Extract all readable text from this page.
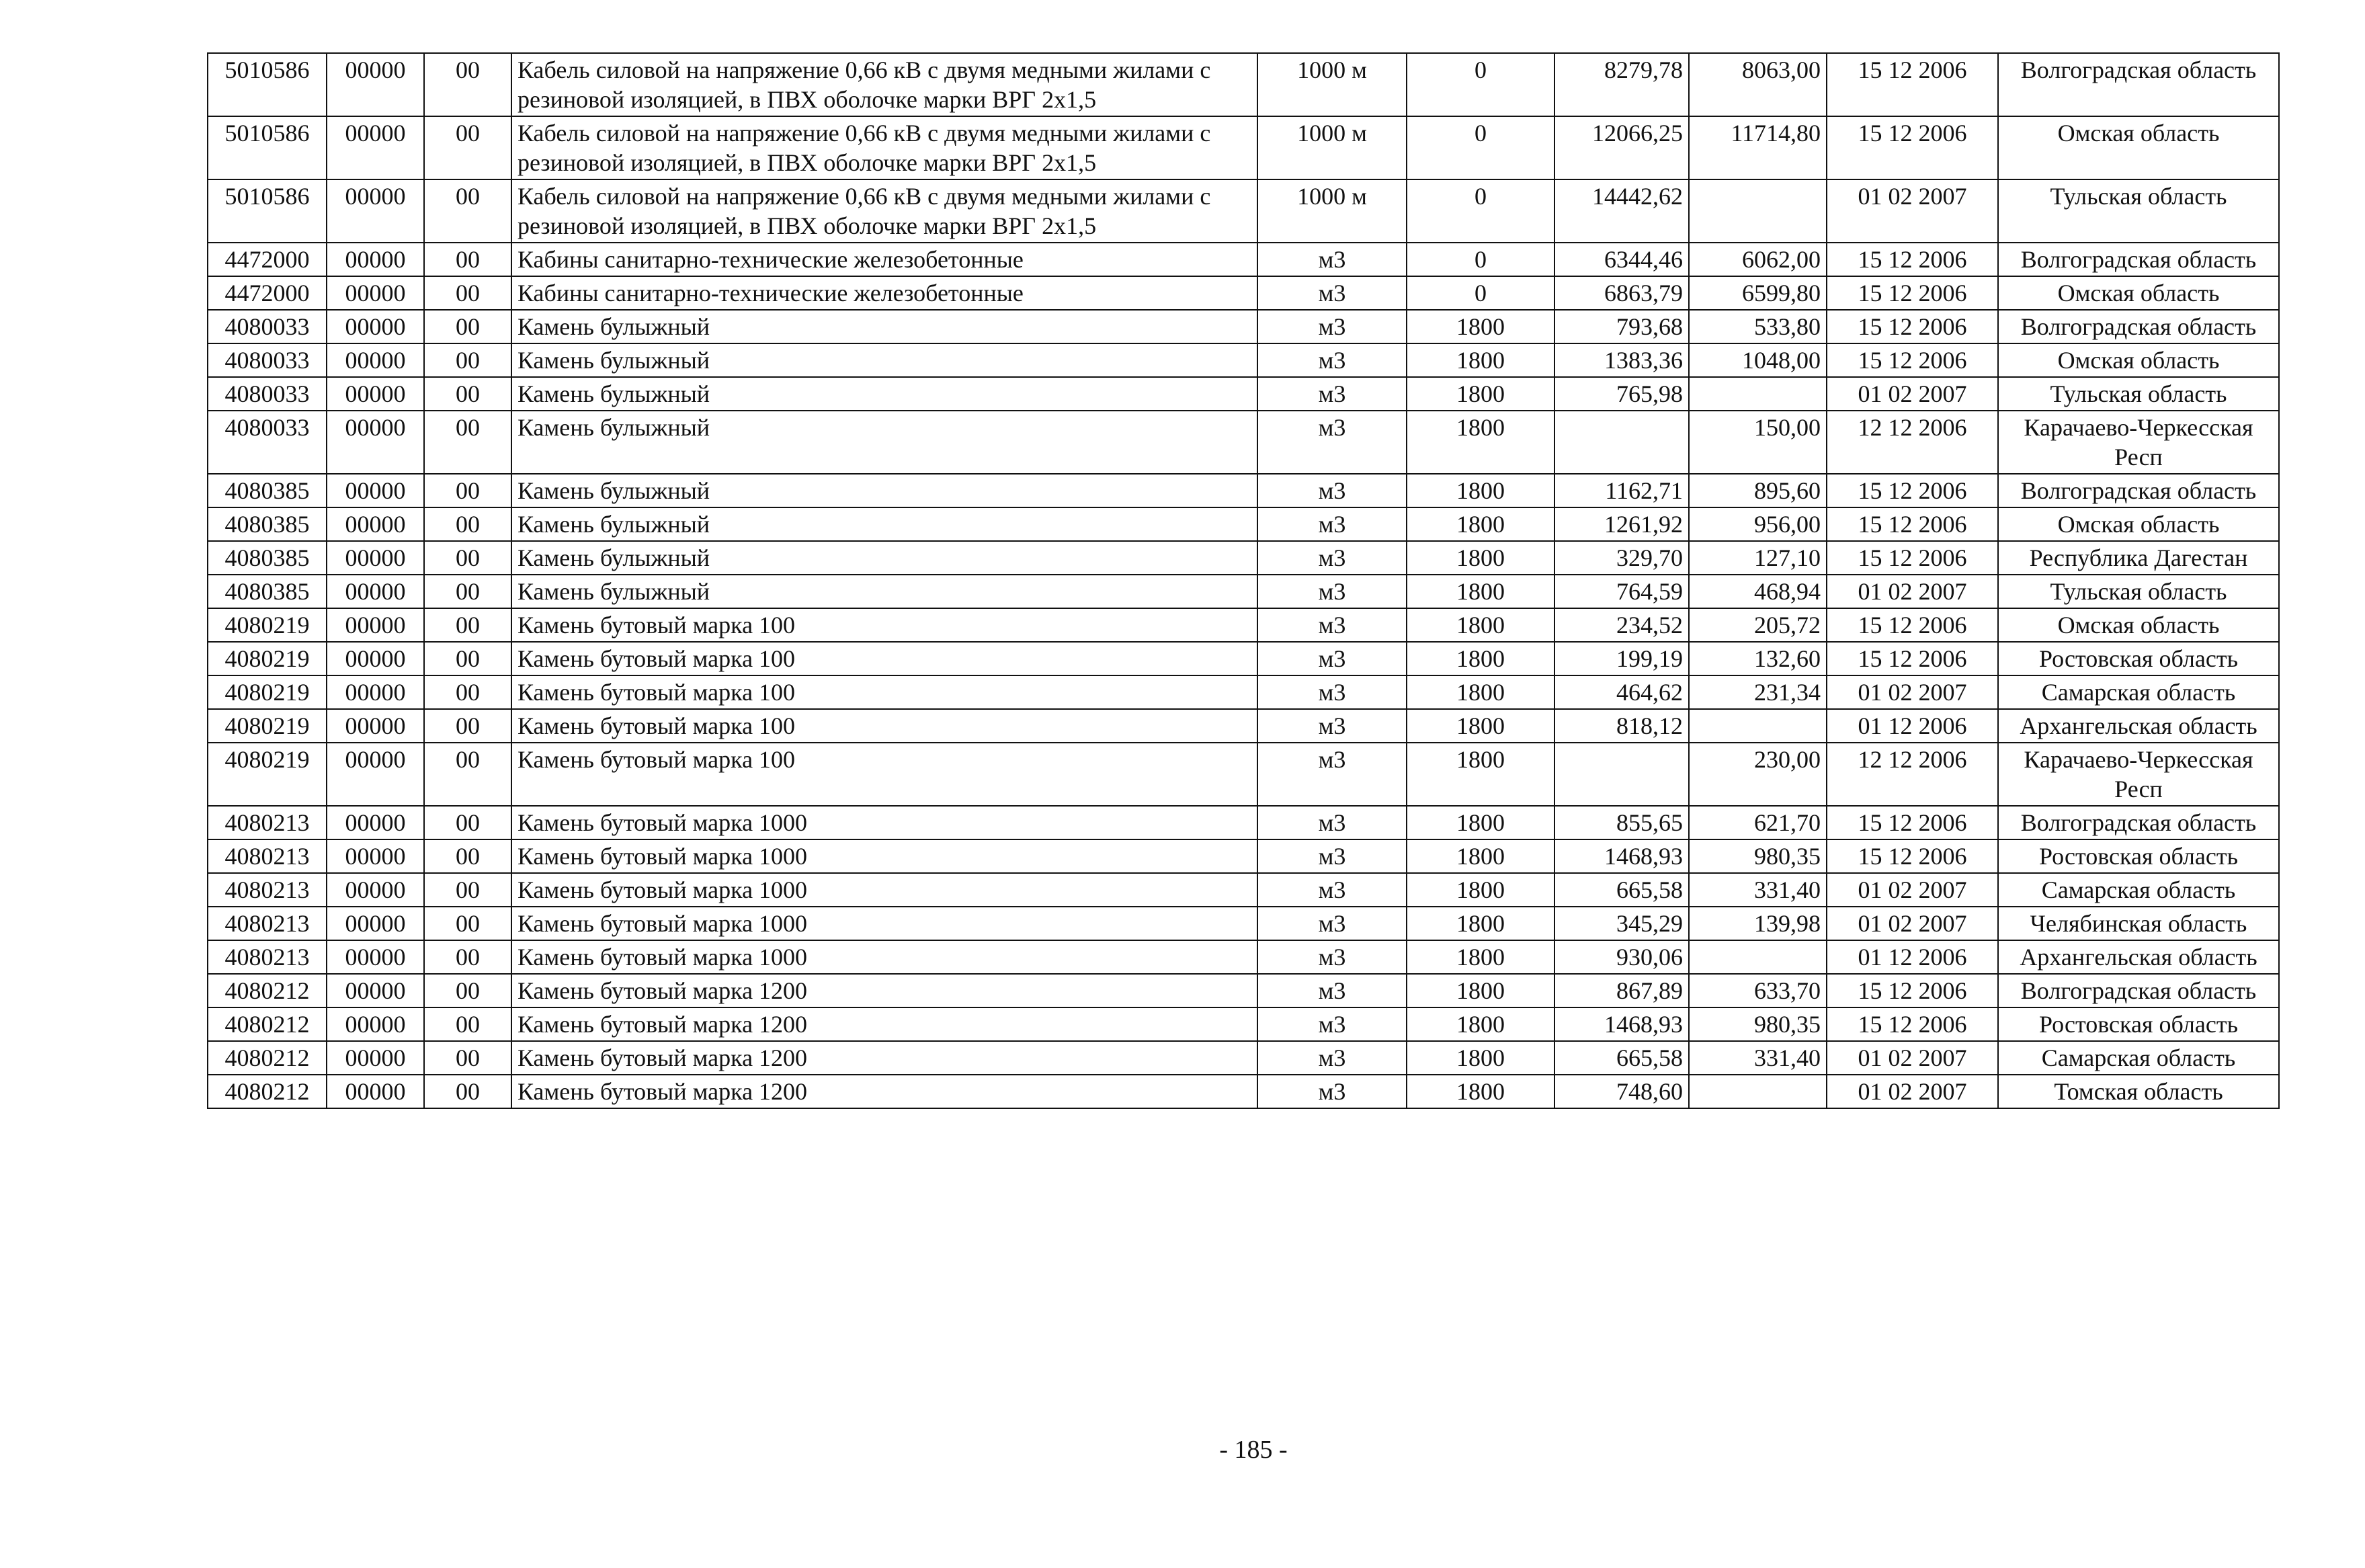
5010586	00000	00	Кабель силовой на напряжение 0,66 кВ с двумя медными жилами с резиновой изоляцией, в ПВХ оболочке марки ВРГ 2х1,5	1000 м	0	8279,78	8063,00	15 12 2006	Волгоградская область
5010586	00000	00	Кабель силовой на напряжение 0,66 кВ с двумя медными жилами с резиновой изоляцией, в ПВХ оболочке марки ВРГ 2х1,5	1000 м	0	12066,25	11714,80	15 12 2006	Омская область
5010586	00000	00	Кабель силовой на напряжение 0,66 кВ с двумя медными жилами с резиновой изоляцией, в ПВХ оболочке марки ВРГ 2х1,5	1000 м	0	14442,62		01 02 2007	Тульская область
4472000	00000	00	Кабины санитарно-технические железобетонные	м3	0	6344,46	6062,00	15 12 2006	Волгоградская область
4472000	00000	00	Кабины санитарно-технические железобетонные	м3	0	6863,79	6599,80	15 12 2006	Омская область
4080033	00000	00	Камень булыжный	м3	1800	793,68	533,80	15 12 2006	Волгоградская область
4080033	00000	00	Камень булыжный	м3	1800	1383,36	1048,00	15 12 2006	Омская область
4080033	00000	00	Камень булыжный	м3	1800	765,98		01 02 2007	Тульская область
4080033	00000	00	Камень булыжный	м3	1800		150,00	12 12 2006	Карачаево-Черкесская Респ
4080385	00000	00	Камень булыжный	м3	1800	1162,71	895,60	15 12 2006	Волгоградская область
4080385	00000	00	Камень булыжный	м3	1800	1261,92	956,00	15 12 2006	Омская область
4080385	00000	00	Камень булыжный	м3	1800	329,70	127,10	15 12 2006	Республика Дагестан
4080385	00000	00	Камень булыжный	м3	1800	764,59	468,94	01 02 2007	Тульская область
4080219	00000	00	Камень бутовый марка 100	м3	1800	234,52	205,72	15 12 2006	Омская область
4080219	00000	00	Камень бутовый марка 100	м3	1800	199,19	132,60	15 12 2006	Ростовская область
4080219	00000	00	Камень бутовый марка 100	м3	1800	464,62	231,34	01 02 2007	Самарская область
4080219	00000	00	Камень бутовый марка 100	м3	1800	818,12		01 12 2006	Архангельская область
4080219	00000	00	Камень бутовый марка 100	м3	1800		230,00	12 12 2006	Карачаево-Черкесская Респ
4080213	00000	00	Камень бутовый марка 1000	м3	1800	855,65	621,70	15 12 2006	Волгоградская область
4080213	00000	00	Камень бутовый марка 1000	м3	1800	1468,93	980,35	15 12 2006	Ростовская область
4080213	00000	00	Камень бутовый марка 1000	м3	1800	665,58	331,40	01 02 2007	Самарская область
4080213	00000	00	Камень бутовый марка 1000	м3	1800	345,29	139,98	01 02 2007	Челябинская область
4080213	00000	00	Камень бутовый марка 1000	м3	1800	930,06		01 12 2006	Архангельская область
4080212	00000	00	Камень бутовый марка 1200	м3	1800	867,89	633,70	15 12 2006	Волгоградская область
4080212	00000	00	Камень бутовый марка 1200	м3	1800	1468,93	980,35	15 12 2006	Ростовская область
4080212	00000	00	Камень бутовый марка 1200	м3	1800	665,58	331,40	01 02 2007	Самарская область
4080212	00000	00	Камень бутовый марка 1200	м3	1800	748,60		01 02 2007	Томская область
- 185 -
